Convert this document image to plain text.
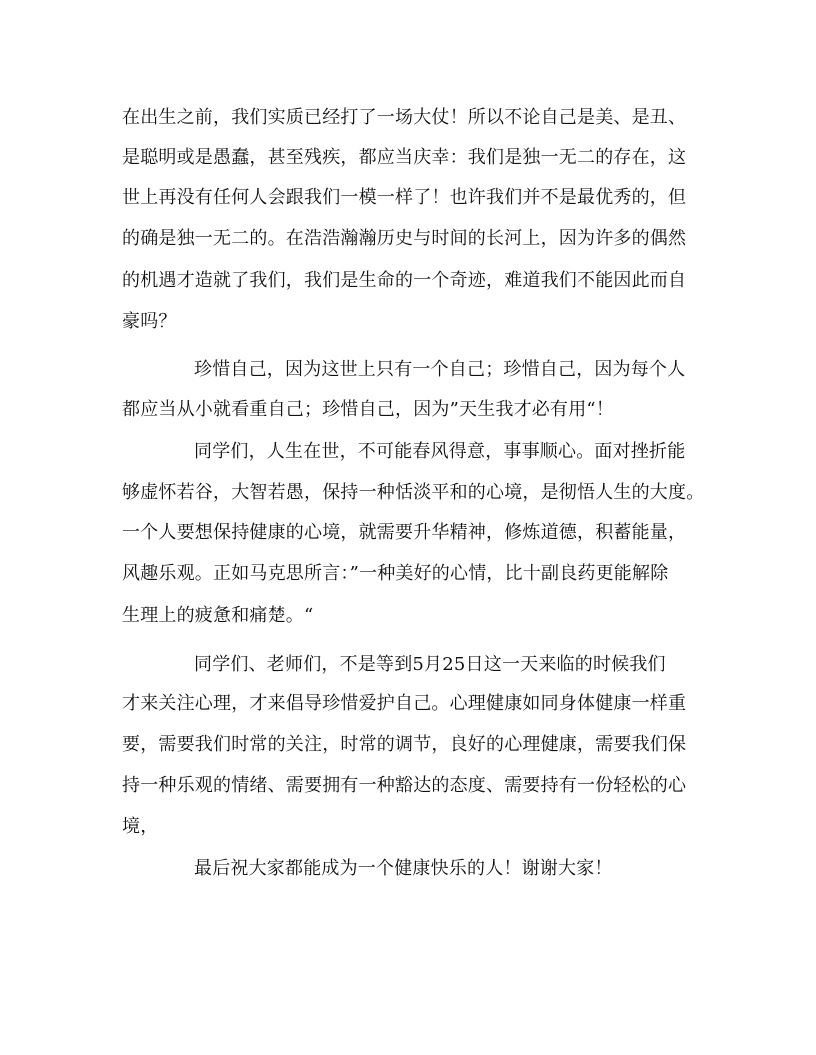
在出生之前，我们实质已经打了一场大仗！所以不论自己是美、是丑、
是聪明或是愚蠢，甚至残疾，都应当庆幸：我们是独一无二的存在，这
世上再没有任何人会跟我们一模一样了！也许我们并不是最优秀的，但
的确是独一无二的。在浩浩瀚瀚历史与时间的长河上，因为许多的偶然
的机遇才造就了我们，我们是生命的一个奇迹，难道我们不能因此而自
豪吗？
珍惜自己，因为这世上只有一个自己；珍惜自己，因为每个人
都应当从小就看重自己；珍惜自己，因为”天生我才必有用“！
同学们，人生在世，不可能春风得意，事事顺心。面对挫折能
够虚怀若谷，大智若愚，保持一种恬淡平和的心境，是彻悟人生的大度。
一个人要想保持健康的心境，就需要升华精神，修炼道德，积蓄能量，
风趣乐观。正如马克思所言：”一种美好的心情，比十副良药更能解除
生理上的疲惫和痛楚。“
同学们、老师们，不是等到5月25日这一天来临的时候我们
才来关注心理，才来倡导珍惜爱护自己。心理健康如同身体健康一样重
要，需要我们时常的关注，时常的调节，良好的心理健康，需要我们保
持一种乐观的情绪、需要拥有一种豁达的态度、需要持有一份轻松的心
境，
最后祝大家都能成为一个健康快乐的人！谢谢大家！
